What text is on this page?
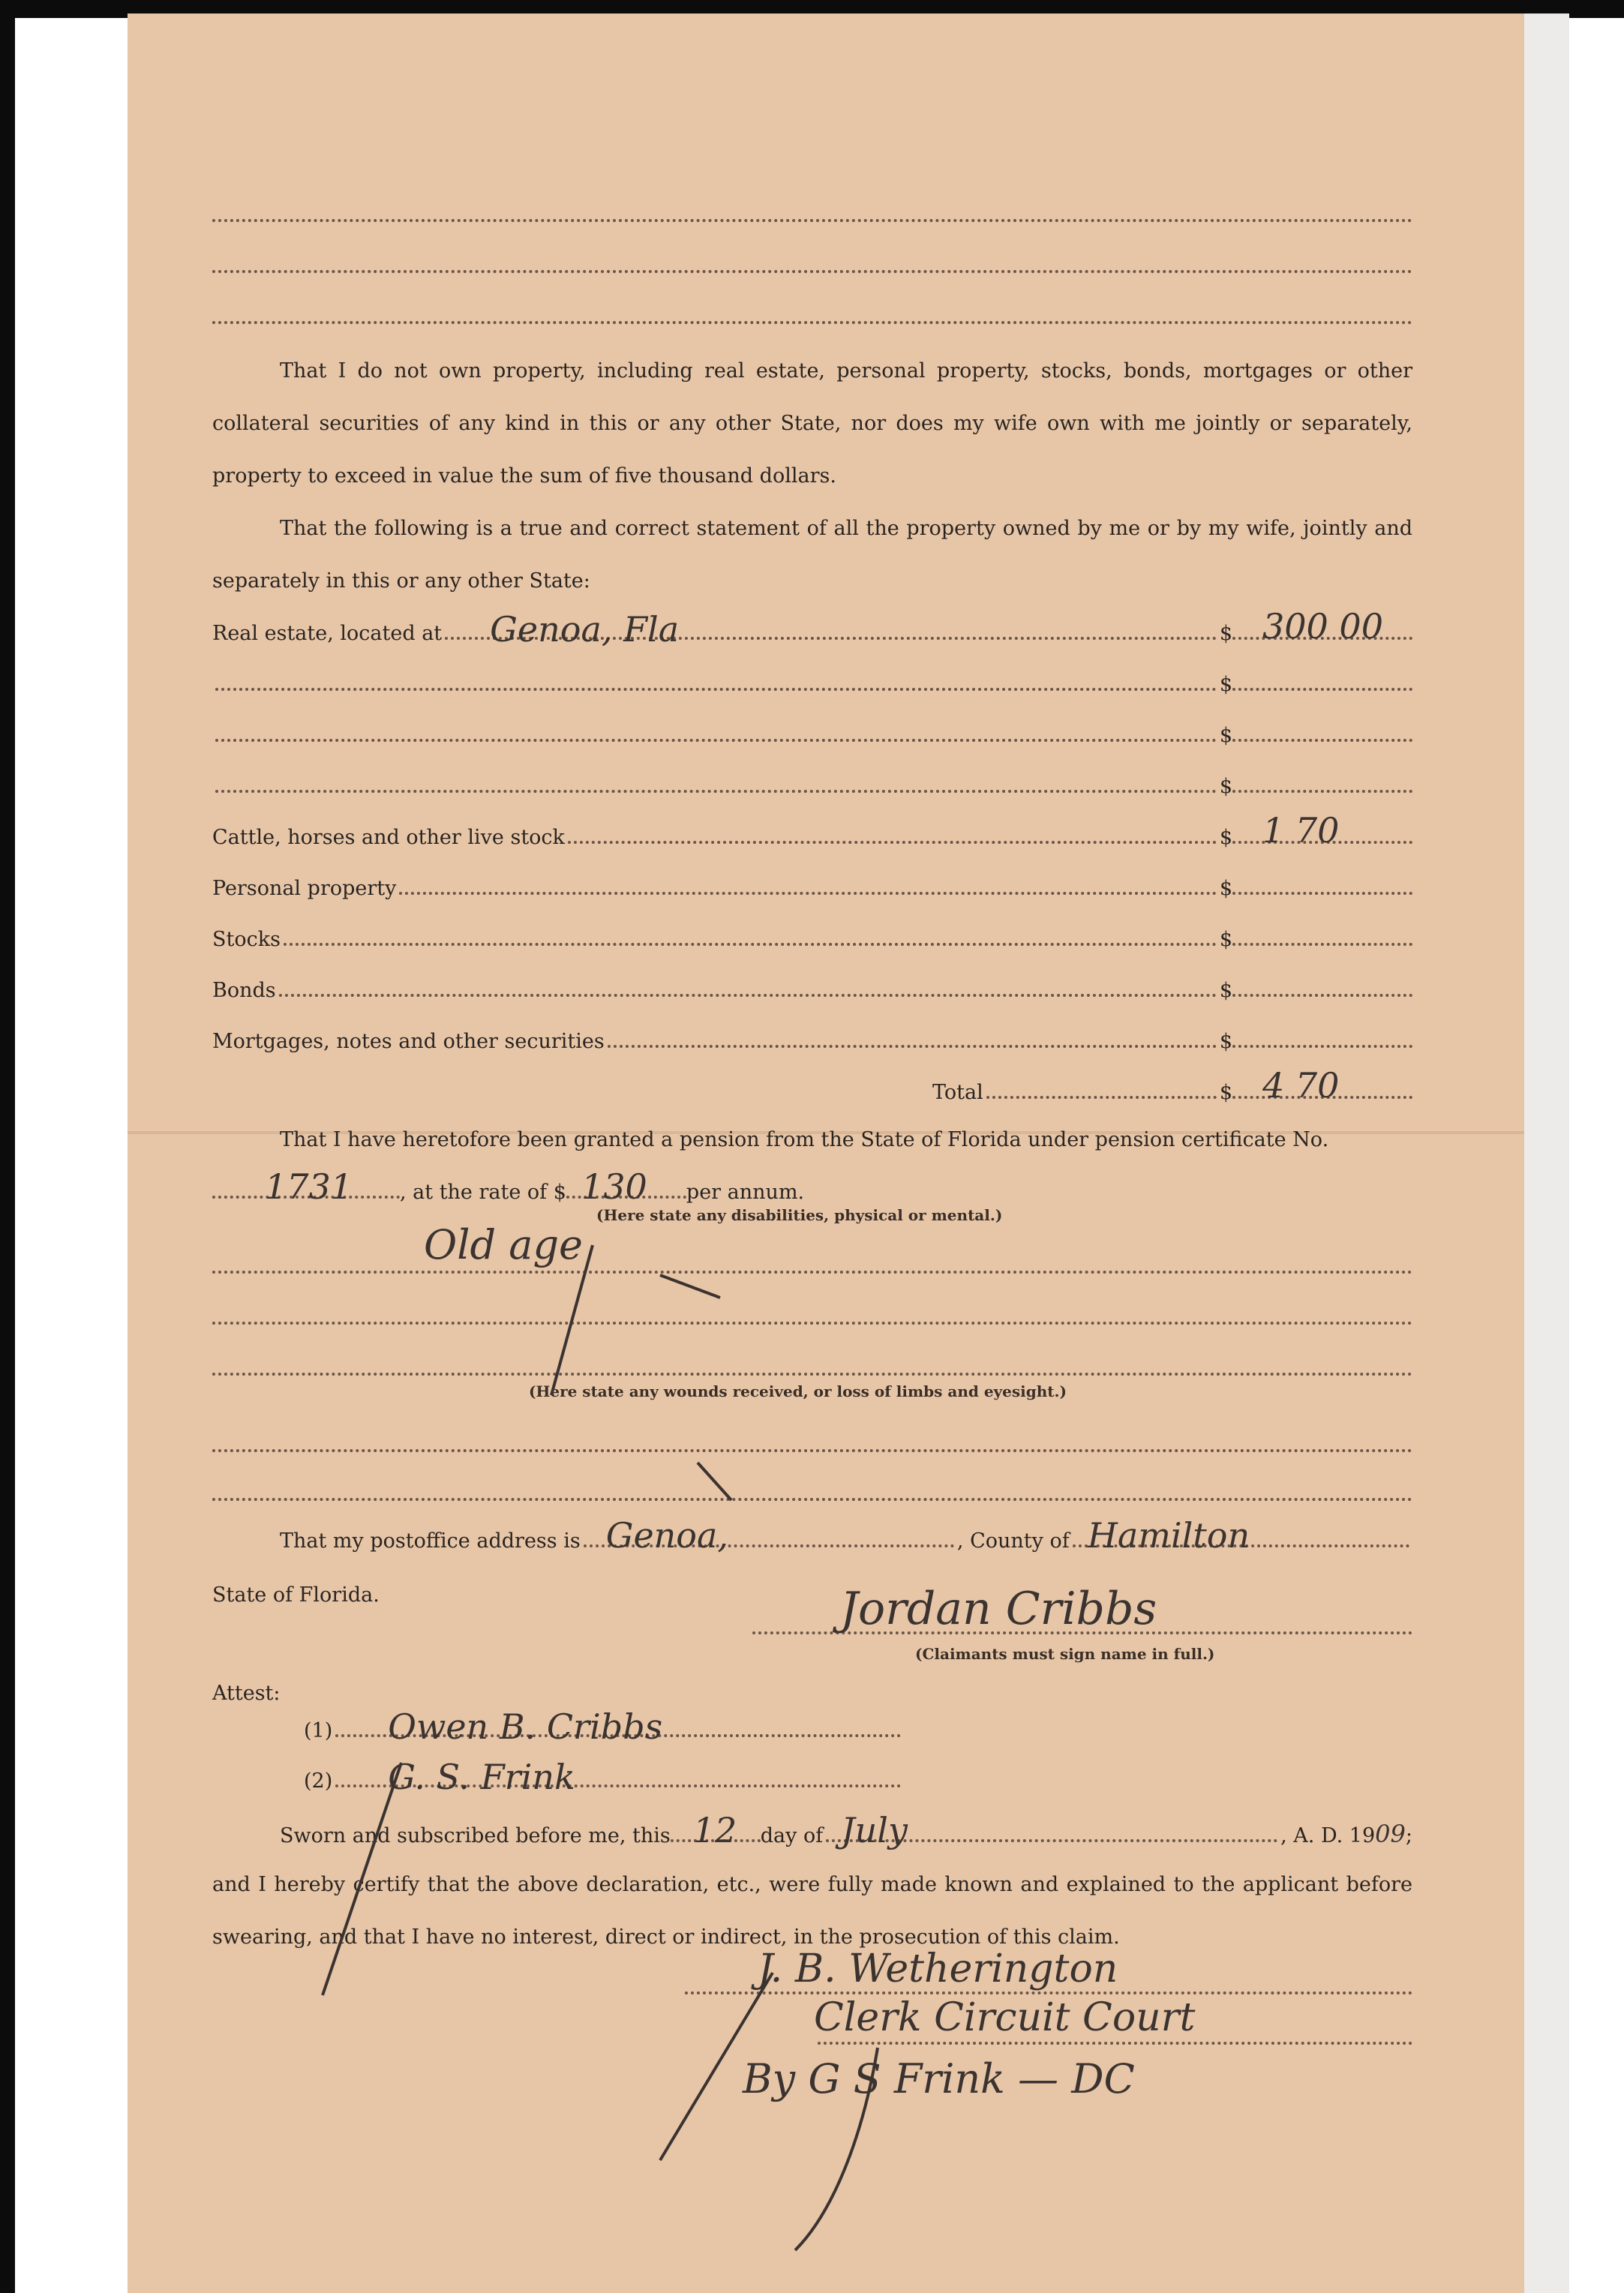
That I do not own property, including real estate, personal property, stocks, bonds, mortgages or other collateral securities of any kind in this or any other State, nor does my wife own with me jointly or separately, property to exceed in value the sum of five thousand dollars.
That the following is a true and correct statement of all the property owned by me or by my wife, jointly and separately in this or any other State:
Real estate, located at Genoa, Fla	$ 300 00
$
$
$
Cattle, horses and other live stock	$ 1 70
Personal property	$
Stocks	$
Bonds	$
Mortgages, notes and other securities	$
Total	$ 4 70
That I have heretofore been granted a pension from the State of Florida under pension certificate No.
1731 , at the rate of $ 130 per annum.
(Here state any disabilities, physical or mental.)
Old age
(Here state any wounds received, or loss of limbs and eyesight.)
That my postoffice address is Genoa,	, County of Hamilton
State of Florida.	Jordan Cribbs
(Claimants must sign name in full.)
Attest:
(1) Owen B. Cribbs
(2) G. S. Frink
Sworn and subscribed before me, this 12 day of July	, A. D. 19 09 ;
and I hereby certify that the above declaration, etc., were fully made known and explained to the applicant before swearing, and that I have no interest, direct or indirect, in the prosecution of this claim.
J. B. Wetherington
Clerk Circuit Court
By G S Frink — DC
